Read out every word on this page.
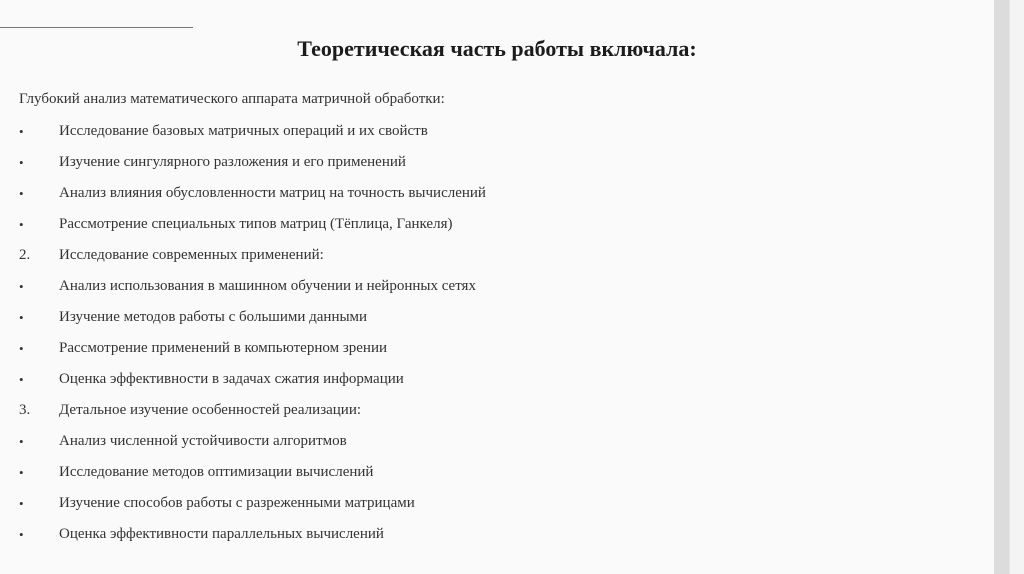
Теоретическая часть работы включала:
Глубокий анализ математического аппарата матричной обработки:
•	Исследование базовых матричных операций и их свойств
•	Изучение сингулярного разложения и его применений
•	Анализ влияния обусловленности матриц на точность вычислений
•	Рассмотрение специальных типов матриц (Тёплица, Ганкеля)
2.	Исследование современных применений:
•	Анализ использования в машинном обучении и нейронных сетях
•	Изучение методов работы с большими данными
•	Рассмотрение применений в компьютерном зрении
•	Оценка эффективности в задачах сжатия информации
3.	Детальное изучение особенностей реализации:
•	Анализ численной устойчивости алгоритмов
•	Исследование методов оптимизации вычислений
•	Изучение способов работы с разреженными матрицами
•	Оценка эффективности параллельных вычислений
